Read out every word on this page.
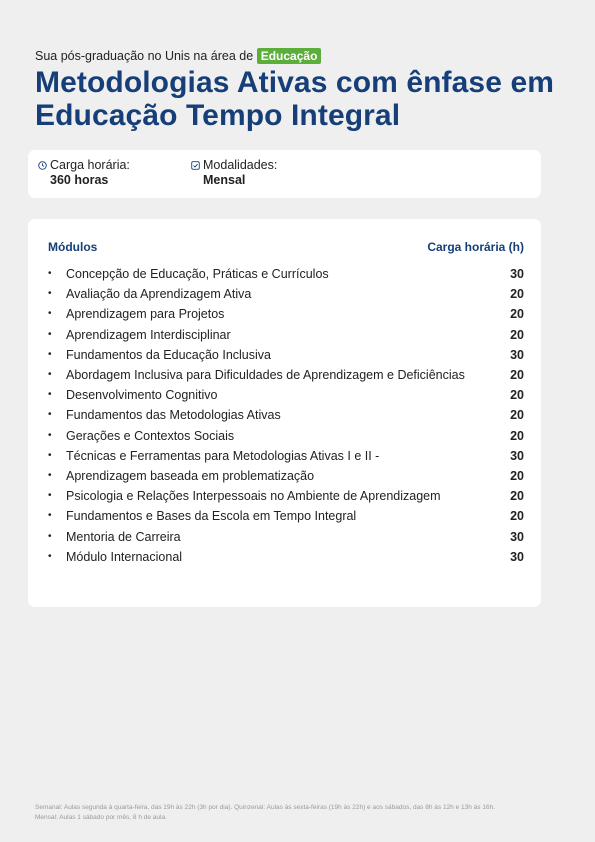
Sua pós-graduação no Unis na área de Educação
Metodologias Ativas com ênfase em Educação Tempo Integral
Carga horária:
360 horas
Modalidades:
Mensal
Módulos	Carga horária (h)
•	Concepção de Educação, Práticas e Currículos	30
•	Avaliação da Aprendizagem Ativa	20
•	Aprendizagem para Projetos	20
•	Aprendizagem Interdisciplinar	20
•	Fundamentos da Educação Inclusiva	30
•	Abordagem Inclusiva para Dificuldades de Aprendizagem e Deficiências	20
•	Desenvolvimento Cognitivo	20
•	Fundamentos das Metodologias Ativas	20
•	Gerações e Contextos Sociais	20
•	Técnicas e Ferramentas para Metodologias Ativas I e II -	30
•	Aprendizagem baseada em problematização	20
•	Psicologia e Relações Interpessoais no Ambiente de Aprendizagem	20
•	Fundamentos e Bases da Escola em Tempo Integral	20
•	Mentoria de Carreira	30
•	Módulo Internacional	30
Semanal: Aulas segunda à quarta-feira, das 19h às 22h (3h por dia). Quinzenal: Aulas às sexta-feiras (19h às 22h) e aos sábados, das 8h às 12h e 13h às 16h.
Mensal: Aulas 1 sábado por mês, 8 h de aula.
